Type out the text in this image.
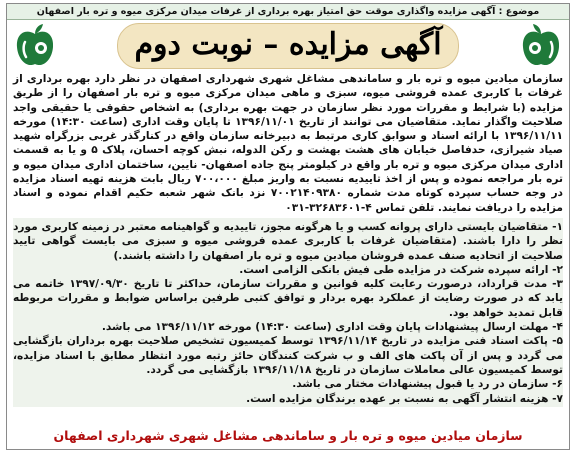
موضوع : آگهی مزایده واگذاری موقت حق امتیاز بهره برداری از غرفات میدان مرکزی میوه و تره بار اصفهان
آگهی مزایده – نوبت دوم

سازمان میادین میوه و تره بار و ساماندهی مشاغل شهری شهرداری اصفهان در نظر دارد بهره برداری از غرفات با کاربری عمده فروشی میوه، سبزی و ماهی میدان مرکزی میوه و تره بار اصفهان را از طریق مزایده (با شرایط و مقررات مورد نظر سازمان در جهت بهره برداری) به اشخاص حقوقی یا حقیقی واجد صلاحیت واگذار نماید. متقاضیان می توانند از تاریخ ۱۳۹۶/۱۱/۰۱ تا پایان وقت اداری (ساعت ۱۴:۳۰) مورخه ۱۳۹۶/۱۱/۱۱ با ارائه اسناد و سوابق کاری مرتبط به دبیرخانه سازمان واقع در کنارگذر غربی بزرگراه شهید صیاد شیرازی، حدفاصل خیابان های هشت بهشت و رکن الدوله، نبش کوچه احسان، پلاک ۵ و یا به قسمت اداری میدان مرکزی میوه و تره بار واقع در کیلومتر پنج جاده اصفهان- نایین، ساختمان اداری میدان میوه و تره بار مراجعه نموده و پس از اخذ تاییدیه نسبت به واریز مبلغ ۷۰۰،۰۰۰ ریال بابت هزینه تهیه اسناد مزایده در وجه حساب سپرده کوتاه مدت شماره ۷۰۰۲۱۴۰۹۳۸۰ نزد بانک شهر شعبه حکیم اقدام نموده و اسناد مزایده را دریافت نمایند. تلفن تماس ۴-۳۲۶۸۳۶۰۱-۰۳۱

۱- متقاضیان بایستی دارای پروانه کسب و یا هرگونه مجوز، تاییدیه و گواهینامه معتبر در زمینه کاربری مورد نظر را دارا باشند. (متقاضیان غرفات با کاربری عمده فروشی میوه و سبزی می بایست گواهی تایید صلاحیت از اتحادیه صنف عمده فروشان میادین میوه و تره بار اصفهان را داشته باشند.)
۲- ارائه سپرده شرکت در مزایده طی فیش بانکی الزامی است.
۳- مدت قرارداد، درصورت رعایت کلیه قوانین و مقررات سازمان، حداکثر تا تاریخ ۱۳۹۷/۰۹/۳۰ خاتمه می یابد که در صورت رضایت از عملکرد بهره بردار و توافق کتبی طرفین براساس ضوابط و مقررات مربوطه قابل تمدید خواهد بود.
۴- مهلت ارسال پیشنهادات پایان وقت اداری (ساعت ۱۴:۳۰) مورخه ۱۳۹۶/۱۱/۱۲ می باشد.
۵- پاکت اسناد فنی مزایده در تاریخ ۱۳۹۶/۱۱/۱۴ توسط کمیسیون تشخیص صلاحیت بهره برداران بازگشایی می گردد و پس از آن پاکت های الف و ب شرکت کنندگان حائز رتبه مورد انتظار مطابق با اسناد مزایده، توسط کمیسیون عالی معاملات سازمان در تاریخ ۱۳۹۶/۱۱/۱۸ بازگشایی می گردد.
۶- سازمان در رد یا قبول پیشنهادات مختار می باشد.
۷- هزینه انتشار آگهی به نسبت بر عهده برندگان مزایده است.
سازمان میادین میوه و تره بار و ساماندهی مشاغل شهری شهرداری اصفهان
